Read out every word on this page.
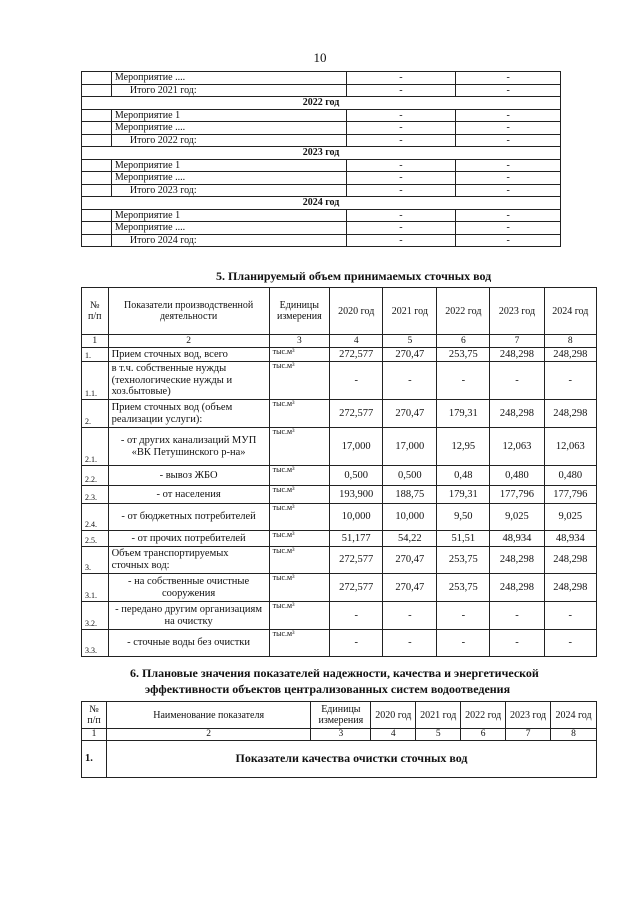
10
	Мероприятие ....	-	-
	Итого 2021 год:	-	-
2022 год			
	Мероприятие 1	-	-
	Мероприятие ....	-	-
	Итого 2022 год:	-	-
2023 год			
	Мероприятие 1	-	-
	Мероприятие ....	-	-
	Итого 2023 год:	-	-
2024 год			
	Мероприятие 1	-	-
	Мероприятие ....	-	-
	Итого 2024 год:	-	-
5. Планируемый объем принимаемых сточных вод
№ п/п	Показатели производственной деятельности	Единицы измерения	2020 год	2021 год	2022 год	2023 год	2024 год
1	2	3	4	5	6	7	8
1.	Прием сточных вод, всего	тыс.м³	272,577	270,47	253,75	248,298	248,298
1.1.	в т.ч. собственные нужды (технологические нужды и хоз.бытовые)	тыс.м³	-	-	-	-	-
2.	Прием сточных вод (объем реализации услуги):	тыс.м³	272,577	270,47	179,31	248,298	248,298
2.1.	- от других канализаций МУП «ВК Петушинского р-на»	тыс.м³	17,000	17,000	12,95	12,063	12,063
2.2.	- вывоз ЖБО	тыс.м³	0,500	0,500	0,48	0,480	0,480
2.3.	- от населения	тыс.м³	193,900	188,75	179,31	177,796	177,796
2.4.	- от бюджетных потребителей	тыс.м³	10,000	10,000	9,50	9,025	9,025
2.5.	- от прочих потребителей	тыс.м³	51,177	54,22	51,51	48,934	48,934
3.	Объем транспортируемых сточных вод:	тыс.м³	272,577	270,47	253,75	248,298	248,298
3.1.	- на собственные очистные сооружения	тыс.м³	272,577	270,47	253,75	248,298	248,298
3.2.	- передано другим организациям на очистку	тыс.м³	-	-	-	-	-
3.3.	- сточные воды без очистки	тыс.м³	-	-	-	-	-
6. Плановые значения показателей надежности, качества и энергетической
эффективности объектов централизованных систем водоотведения
№ п/п	Наименование показателя	Единицы измерения	2020 год	2021 год	2022 год	2023 год	2024 год
1	2	3	4	5	6	7	8
1.	Показатели качества очистки сточных вод						
